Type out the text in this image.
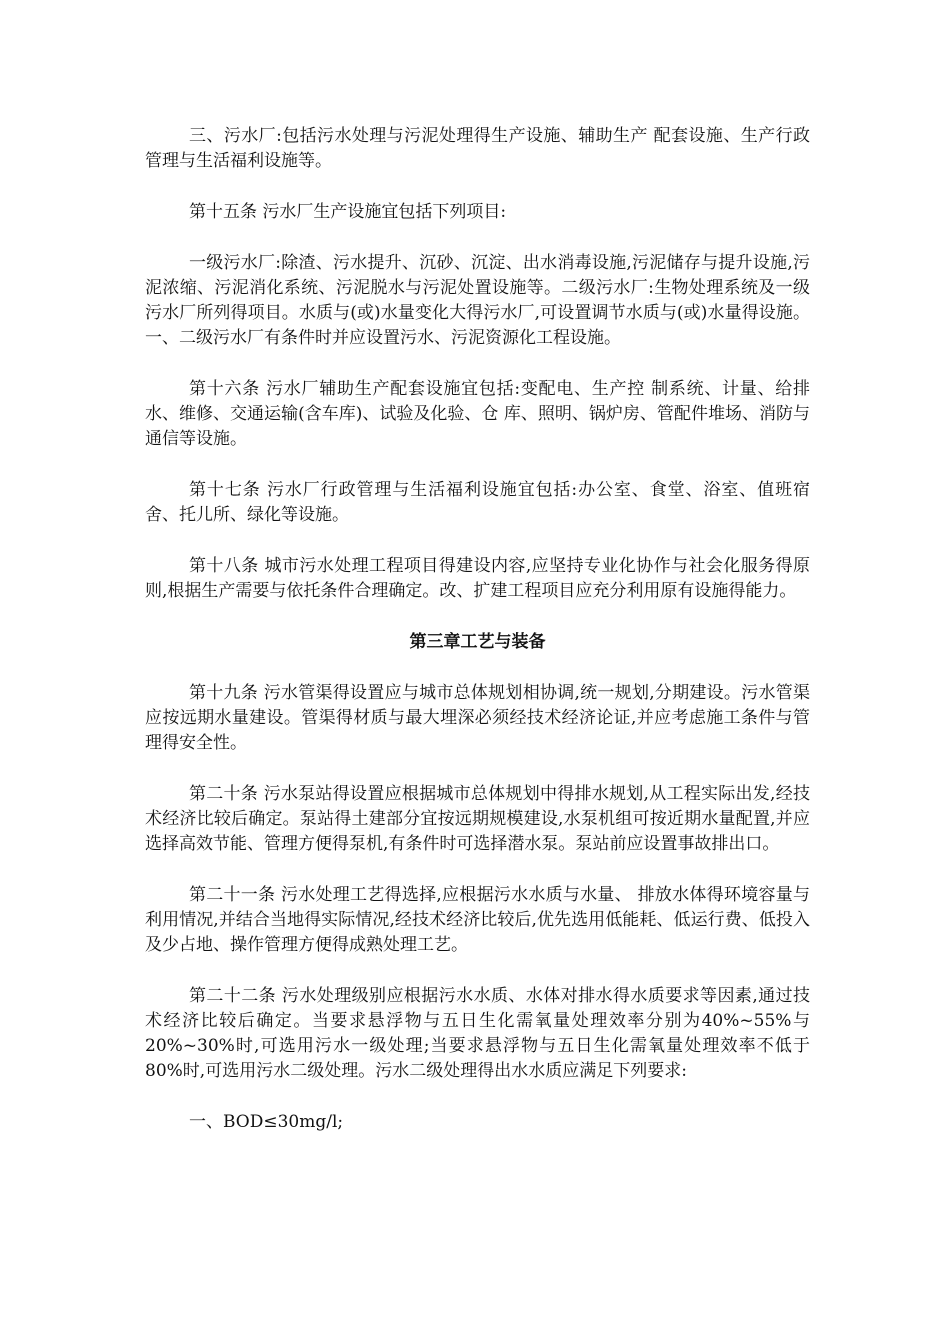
三、污水厂:包括污水处理与污泥处理得生产设施、辅助生产 配套设施、生产行政管理与生活福利设施等。

第十五条 污水厂生产设施宜包括下列项目:

一级污水厂:除渣、污水提升、沉砂、沉淀、出水消毒设施,污泥储存与提升设施,污泥浓缩、污泥消化系统、污泥脱水与污泥处置设施等。二级污水厂:生物处理系统及一级污水厂所列得项目。水质与(或)水量变化大得污水厂,可设置调节水质与(或)水量得设施。一、二级污水厂有条件时并应设置污水、污泥资源化工程设施。

第十六条 污水厂辅助生产配套设施宜包括:变配电、生产控 制系统、计量、给排水、维修、交通运输(含车库)、试验及化验、仓 库、照明、锅炉房、管配件堆场、消防与通信等设施。

第十七条 污水厂行政管理与生活福利设施宜包括:办公室、食堂、浴室、值班宿舍、托儿所、绿化等设施。

第十八条 城市污水处理工程项目得建设内容,应坚持专业化协作与社会化服务得原则,根据生产需要与依托条件合理确定。改、扩建工程项目应充分利用原有设施得能力。

第三章工艺与装备

第十九条 污水管渠得设置应与城市总体规划相协调,统一规划,分期建设。污水管渠应按远期水量建设。管渠得材质与最大埋深必须经技术经济论证,并应考虑施工条件与管理得安全性。

第二十条 污水泵站得设置应根据城市总体规划中得排水规划,从工程实际出发,经技术经济比较后确定。泵站得土建部分宜按远期规模建设,水泵机组可按近期水量配置,并应选择高效节能、管理方便得泵机,有条件时可选择潜水泵。泵站前应设置事故排出口。

第二十一条 污水处理工艺得选择,应根据污水水质与水量、 排放水体得环境容量与利用情况,并结合当地得实际情况,经技术经济比较后,优先选用低能耗、低运行费、低投入及少占地、操作管理方便得成熟处理工艺。

第二十二条 污水处理级别应根据污水水质、水体对排水得水质要求等因素,通过技术经济比较后确定。当要求悬浮物与五日生化需氧量处理效率分别为40%~55%与20%~30%时,可选用污水一级处理;当要求悬浮物与五日生化需氧量处理效率不低于80%时,可选用污水二级处理。污水二级处理得出水水质应满足下列要求:

一、BOD≤30mg/l;
